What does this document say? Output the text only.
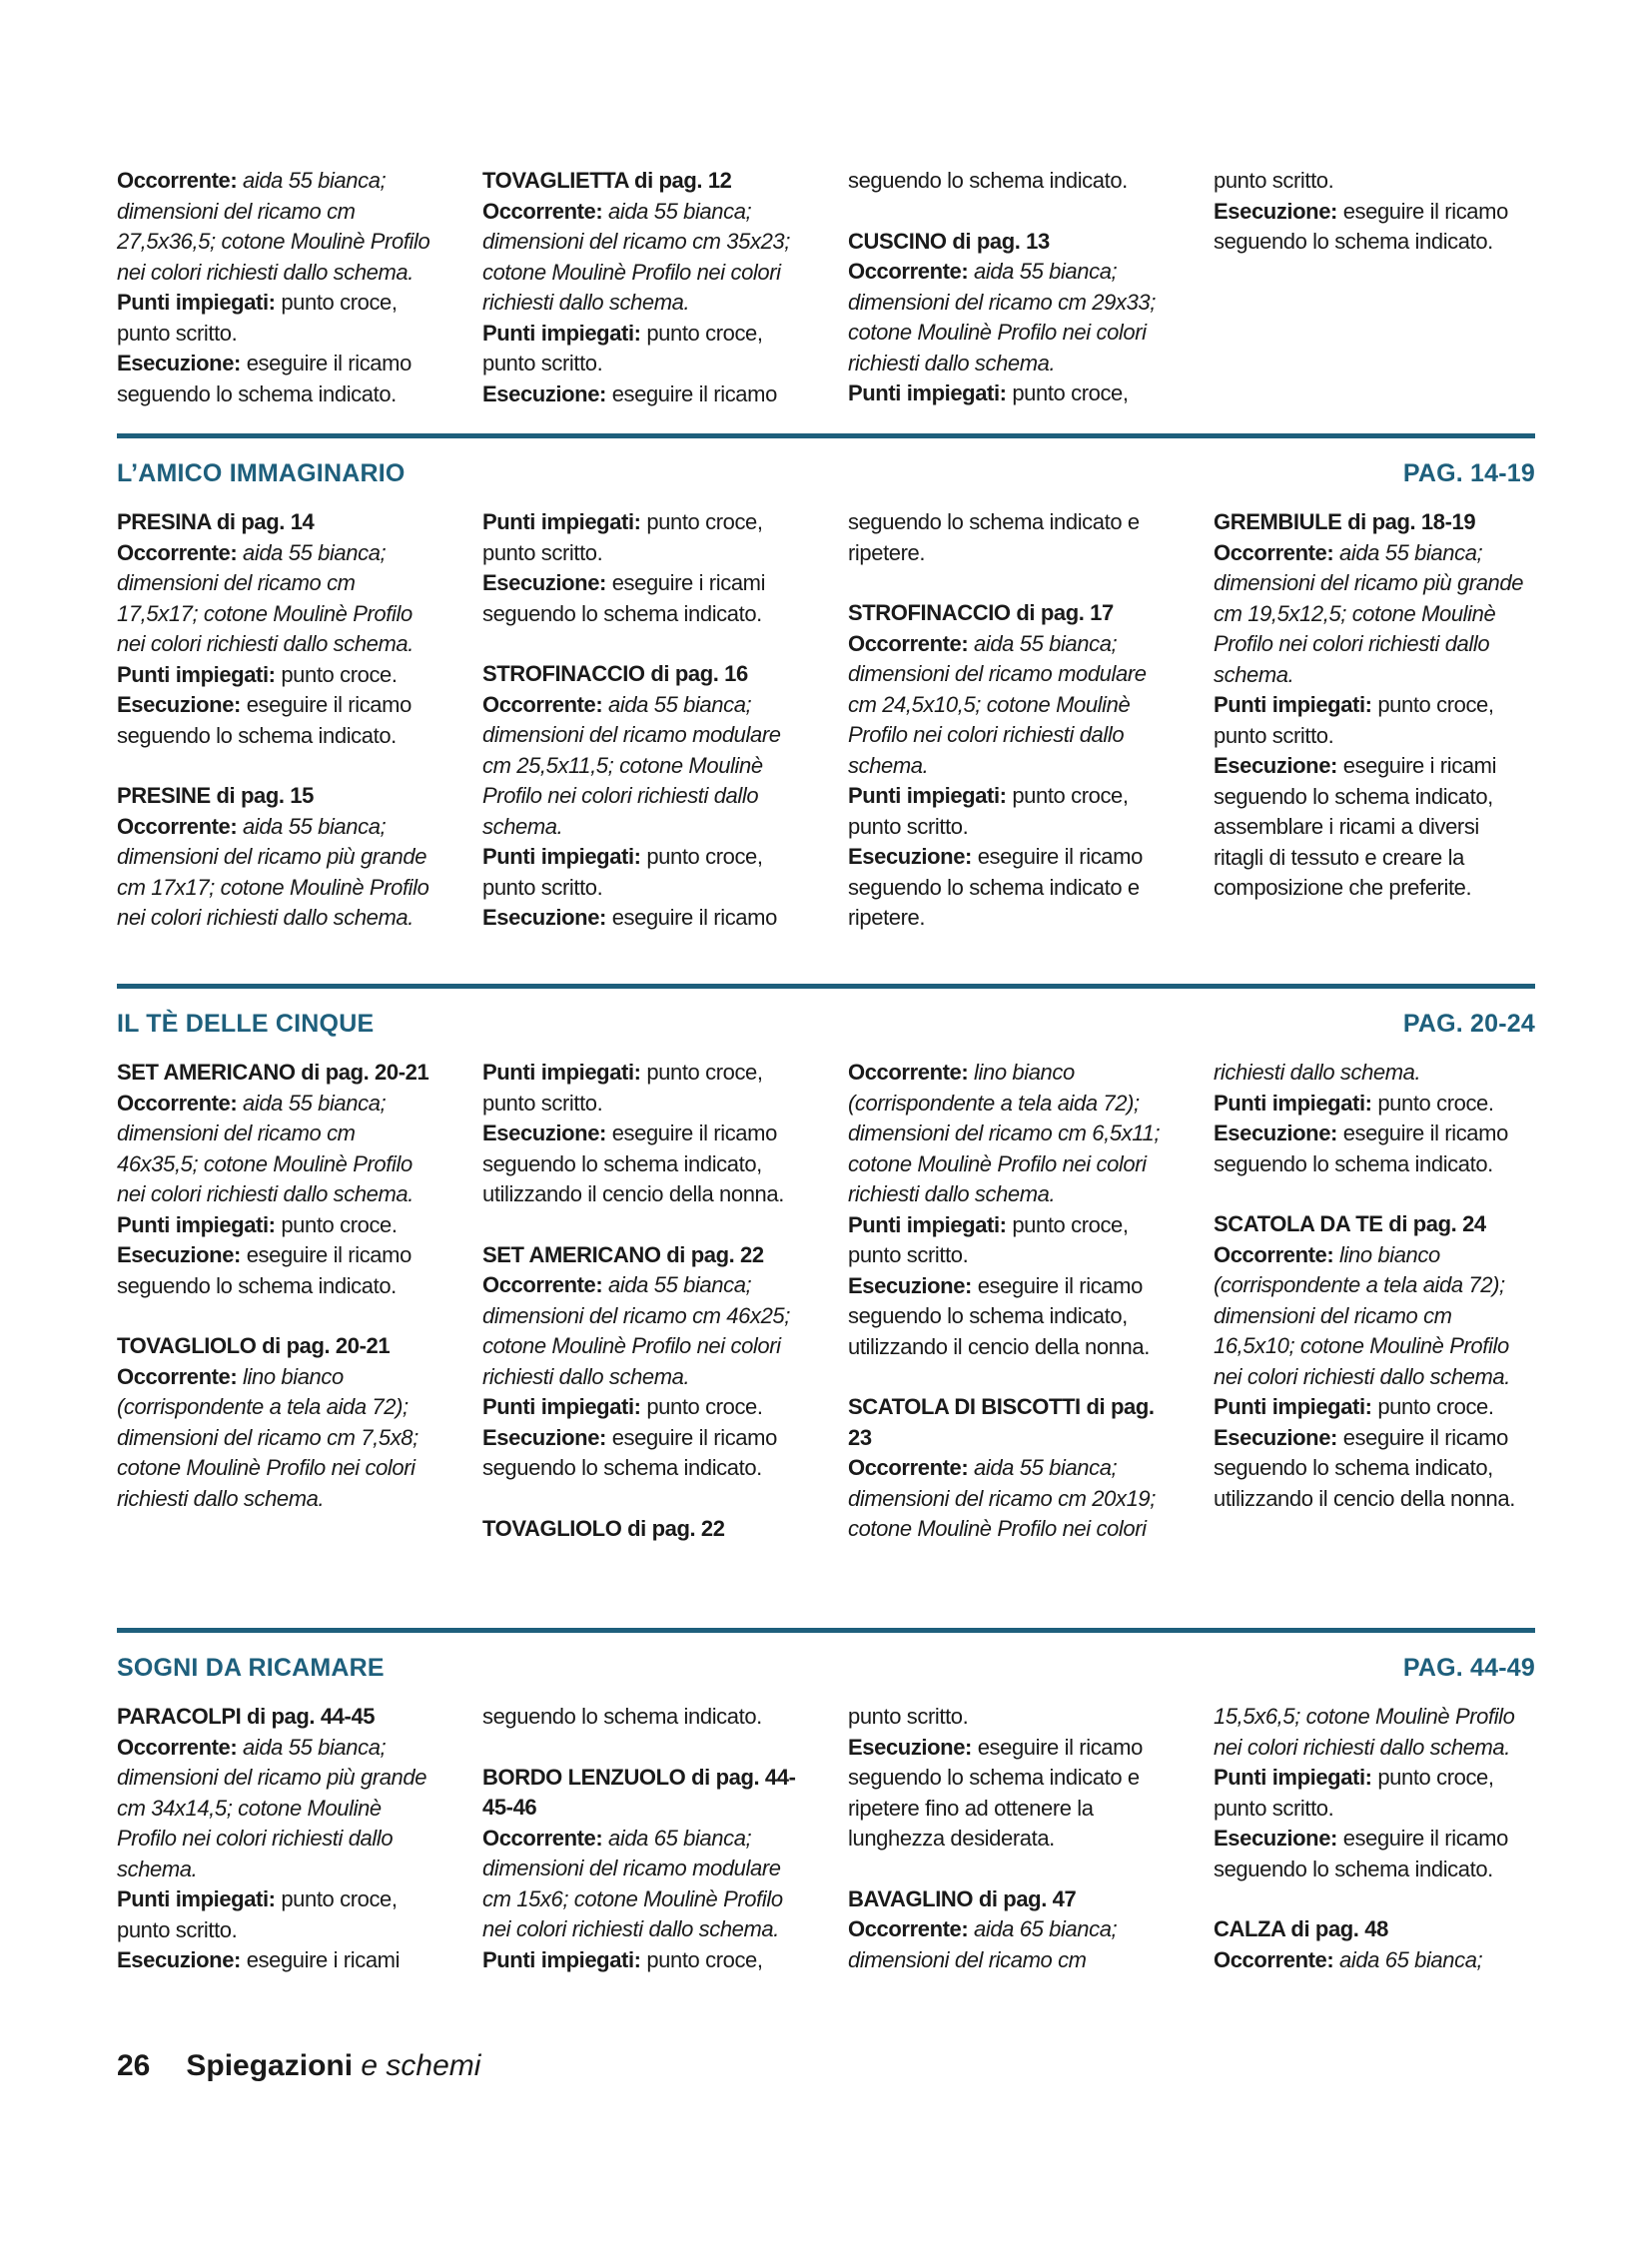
Occorrente: aida 55 bianca; dimensioni del ricamo cm 27,5x36,5; cotone Moulinè Profilo nei colori richiesti dallo schema.

Punti impiegati: punto croce, punto scritto.

Esecuzione: eseguire il ricamo seguendo lo schema indicato.

TOVAGLIETTA di pag. 12

Occorrente: aida 55 bianca; dimensioni del ricamo cm 35x23; cotone Moulinè Profilo nei colori richiesti dallo schema.

Punti impiegati: punto croce, punto scritto.

Esecuzione: eseguire il ricamo

seguendo lo schema indicato.

CUSCINO di pag. 13

Occorrente: aida 55 bianca; dimensioni del ricamo cm 29x33; cotone Moulinè Profilo nei colori richiesti dallo schema.

Punti impiegati: punto croce,

punto scritto.

Esecuzione: eseguire il ricamo seguendo lo schema indicato.

L’AMICO IMMAGINARIO	PAG. 14-19

PRESINA di pag. 14

Occorrente: aida 55 bianca; dimensioni del ricamo cm 17,5x17; cotone Moulinè Profilo nei colori richiesti dallo schema.

Punti impiegati: punto croce.

Esecuzione: eseguire il ricamo seguendo lo schema indicato.

PRESINE di pag. 15

Occorrente: aida 55 bianca; dimensioni del ricamo più grande cm 17x17; cotone Moulinè Profilo nei colori richiesti dallo schema.

Punti impiegati: punto croce, punto scritto.

Esecuzione: eseguire i ricami seguendo lo schema indicato.

STROFINACCIO di pag. 16

Occorrente: aida 55 bianca; dimensioni del ricamo modulare cm 25,5x11,5; cotone Moulinè Profilo nei colori richiesti dallo schema.

Punti impiegati: punto croce, punto scritto.

Esecuzione: eseguire il ricamo

seguendo lo schema indicato e ripetere.

STROFINACCIO di pag. 17

Occorrente: aida 55 bianca; dimensioni del ricamo modulare cm 24,5x10,5; cotone Moulinè Profilo nei colori richiesti dallo schema.

Punti impiegati: punto croce, punto scritto.

Esecuzione: eseguire il ricamo seguendo lo schema indicato e ripetere.

GREMBIULE di pag. 18-19

Occorrente: aida 55 bianca; dimensioni del ricamo più grande cm 19,5x12,5; cotone Moulinè Profilo nei colori richiesti dallo schema.

Punti impiegati: punto croce, punto scritto.

Esecuzione: eseguire i ricami seguendo lo schema indicato, assemblare i ricami a diversi ritagli di tessuto e creare la composizione che preferite.

IL TÈ DELLE CINQUE	PAG. 20-24

SET AMERICANO di pag. 20-21

Occorrente: aida 55 bianca; dimensioni del ricamo cm 46x35,5; cotone Moulinè Profilo nei colori richiesti dallo schema.

Punti impiegati: punto croce.

Esecuzione: eseguire il ricamo seguendo lo schema indicato.

TOVAGLIOLO di pag. 20-21

Occorrente: lino bianco (corrispondente a tela aida 72); dimensioni del ricamo cm 7,5x8; cotone Moulinè Profilo nei colori richiesti dallo schema.

Punti impiegati: punto croce, punto scritto.

Esecuzione: eseguire il ricamo seguendo lo schema indicato, utilizzando il cencio della nonna.

SET AMERICANO di pag. 22

Occorrente: aida 55 bianca; dimensioni del ricamo cm 46x25; cotone Moulinè Profilo nei colori richiesti dallo schema.

Punti impiegati: punto croce.

Esecuzione: eseguire il ricamo seguendo lo schema indicato.

TOVAGLIOLO di pag. 22

Occorrente: lino bianco (corrispondente a tela aida 72); dimensioni del ricamo cm 6,5x11; cotone Moulinè Profilo nei colori richiesti dallo schema.

Punti impiegati: punto croce, punto scritto.

Esecuzione: eseguire il ricamo seguendo lo schema indicato, utilizzando il cencio della nonna.

SCATOLA DI BISCOTTI di pag. 23

Occorrente: aida 55 bianca; dimensioni del ricamo cm 20x19; cotone Moulinè Profilo nei colori

richiesti dallo schema.

Punti impiegati: punto croce.

Esecuzione: eseguire il ricamo seguendo lo schema indicato.

SCATOLA DA TE di pag. 24

Occorrente: lino bianco (corrispondente a tela aida 72); dimensioni del ricamo cm 16,5x10; cotone Moulinè Profilo nei colori richiesti dallo schema.

Punti impiegati: punto croce.

Esecuzione: eseguire il ricamo seguendo lo schema indicato, utilizzando il cencio della nonna.

SOGNI DA RICAMARE	PAG. 44-49

PARACOLPI di pag. 44-45

Occorrente: aida 55 bianca; dimensioni del ricamo più grande cm 34x14,5; cotone Moulinè Profilo nei colori richiesti dallo schema.

Punti impiegati: punto croce, punto scritto.

Esecuzione: eseguire i ricami

seguendo lo schema indicato.

BORDO LENZUOLO di pag. 44-45-46

Occorrente: aida 65 bianca; dimensioni del ricamo modulare cm 15x6; cotone Moulinè Profilo nei colori richiesti dallo schema.

Punti impiegati: punto croce,

punto scritto.

Esecuzione: eseguire il ricamo seguendo lo schema indicato e ripetere fino ad ottenere la lunghezza desiderata.

BAVAGLINO di pag. 47

Occorrente: aida 65 bianca; dimensioni del ricamo cm

15,5x6,5; cotone Moulinè Profilo nei colori richiesti dallo schema.

Punti impiegati: punto croce, punto scritto.

Esecuzione: eseguire il ricamo seguendo lo schema indicato.

CALZA di pag. 48

Occorrente: aida 65 bianca;

26 Spiegazioni e schemi
